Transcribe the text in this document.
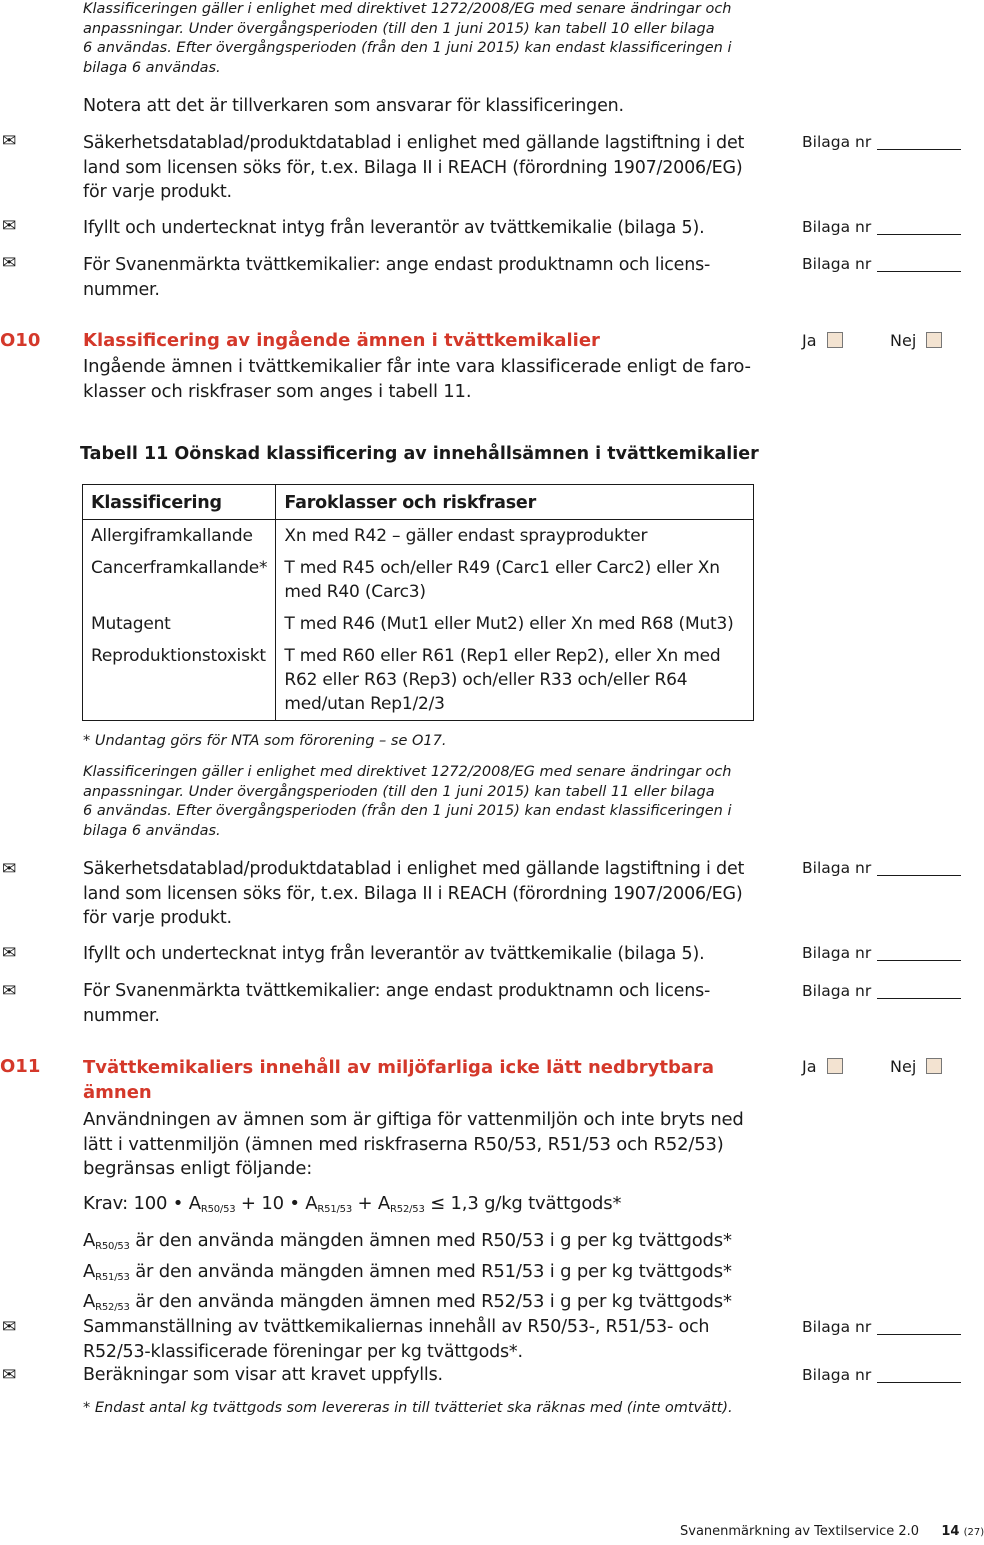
Klassificeringen gäller i enlighet med direktivet 1272/2008/EG med senare ändringar och
anpassningar. Under övergångsperioden (till den 1 juni 2015) kan tabell 10 eller bilaga
6 användas. Efter övergångsperioden (från den 1 juni 2015) kan endast klassificeringen i
bilaga 6 användas.
Notera att det är tillverkaren som ansvarar för klassificeringen.
✉	Säkerhetsdatablad/produktdatablad i enlighet med gällande lagstiftning i det
land som licensen söks för, t.ex. Bilaga II i REACH (förordning 1907/2006/EG)
för varje produkt.
Bilaga nr
✉	Ifyllt och undertecknat intyg från leverantör av tvättkemikalie (bilaga 5).	Bilaga nr
✉	För Svanenmärkta tvättkemikalier: ange endast produktnamn och licens-
nummer.
Bilaga nr
O10 Klassificering av ingående ämnen i tvättkemikalier
Ingående ämnen i tvättkemikalier får inte vara klassificerade enligt de faro-
klasser och riskfraser som anges i tabell 11.
Ja	Nej
Tabell 11 Oönskad klassificering av innehållsämnen i tvättkemikalier
Klassificering	Faroklasser och riskfraser
Allergiframkallande	Xn med R42 – gäller endast sprayprodukter
Cancerframkallande*	T med R45 och/eller R49 (Carc1 eller Carc2) eller Xn med R40 (Carc3)
Mutagent	T med R46 (Mut1 eller Mut2) eller Xn med R68 (Mut3)
Reproduktionstoxiskt	T med R60 eller R61 (Rep1 eller Rep2), eller Xn med R62 eller R63 (Rep3) och/eller R33 och/eller R64 med/utan Rep1/2/3
* Undantag görs för NTA som förorening – se O17.
Klassificeringen gäller i enlighet med direktivet 1272/2008/EG med senare ändringar och
anpassningar. Under övergångsperioden (till den 1 juni 2015) kan tabell 11 eller bilaga
6 användas. Efter övergångsperioden (från den 1 juni 2015) kan endast klassificeringen i
bilaga 6 användas.
✉	Säkerhetsdatablad/produktdatablad i enlighet med gällande lagstiftning i det
land som licensen söks för, t.ex. Bilaga II i REACH (förordning 1907/2006/EG)
för varje produkt.
Bilaga nr
✉	Ifyllt och undertecknat intyg från leverantör av tvättkemikalie (bilaga 5).	Bilaga nr
✉	För Svanenmärkta tvättkemikalier: ange endast produktnamn och licens-
nummer.
Bilaga nr
O11 Tvättkemikaliers innehåll av miljöfarliga icke lätt nedbrytbara
ämnen
Ja	Nej
Användningen av ämnen som är giftiga för vattenmiljön och inte bryts ned
lätt i vattenmiljön (ämnen med riskfraserna R50/53, R51/53 och R52/53)
begränsas enligt följande:
Krav: 100 • $A_{R50/53} + 10$ • $A_{R51/53} + A_{R52/53} \le 1,3$ g/kg tvättgods*
$A_{R50/53}$ är den använda mängden ämnen med R50/53 i g per kg tvättgods*
$A_{R51/53}$ är den använda mängden ämnen med R51/53 i g per kg tvättgods*
$A_{R52/53}$ är den använda mängden ämnen med R52/53 i g per kg tvättgods*
✉	Sammanställning av tvättkemikaliernas innehåll av R50/53-, R51/53- och
R52/53-klassificerade föreningar per kg tvättgods*.
Bilaga nr
✉	Beräkningar som visar att kravet uppfylls.	Bilaga nr
* Endast antal kg tvättgods som levereras in till tvätteriet ska räknas med (inte omtvätt).
Svanenmärkning av Textilservice 2.0 14 (27)
